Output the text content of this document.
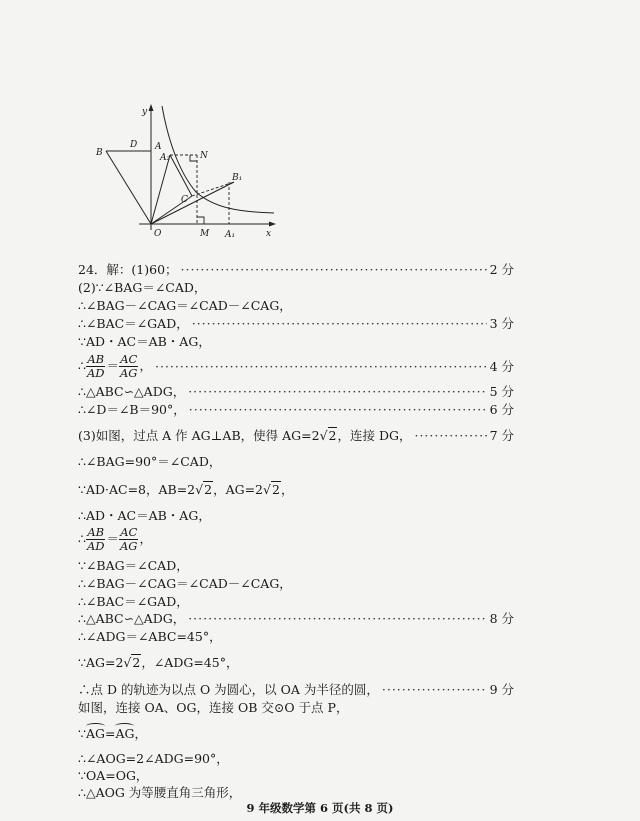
y
x
B
D A
A₂	N
B₁
C
O	M A₁
24．解：(1)60； ·····	2 分
(2)∵∠BAG＝∠CAD，
∴∠BAG－∠CAG＝∠CAD－∠CAG，
∴∠BAC＝∠GAD， ·····	3 分
∵AD・AC＝AB・AG，
∴ $\frac{AB}{AD} = \frac{AC}{AG}$ ， ·····	4 分
∴△ABC∽△ADG， ·····	5 分
∴∠D＝∠B＝90°， ·····	6 分
(3)如图，过点 A 作 AG⊥AB，使得 AG=2√2，连接 DG， ·····	7 分
∴∠BAG=90°＝∠CAD，
∵AD·AC=8，AB=2√2，AG=2√2，
∴AD・AC＝AB・AG，
∴ $\frac{AB}{AD} = \frac{AC}{AG}$ ，
∵∠BAG＝∠CAD，
∴∠BAG－∠CAG＝∠CAD－∠CAG，
∴∠BAC＝∠GAD，
∴△ABC∽△ADG， ·····	8 分
∴∠ADG＝∠ABC=45°，
∵AG=2√2，∠ADG=45°，
∴点 D 的轨迹为以点 O 为圆心，以 OA 为半径的圆， ·····	9 分
如图，连接 OA、OG，连接 OB 交⊙O 于点 P，
∵AG=AG，
∴∠AOG=2∠ADG=90°，
∵OA=OG，
∴△AOG 为等腰直角三角形，
9 年级数学第 6 页(共 8 页)
